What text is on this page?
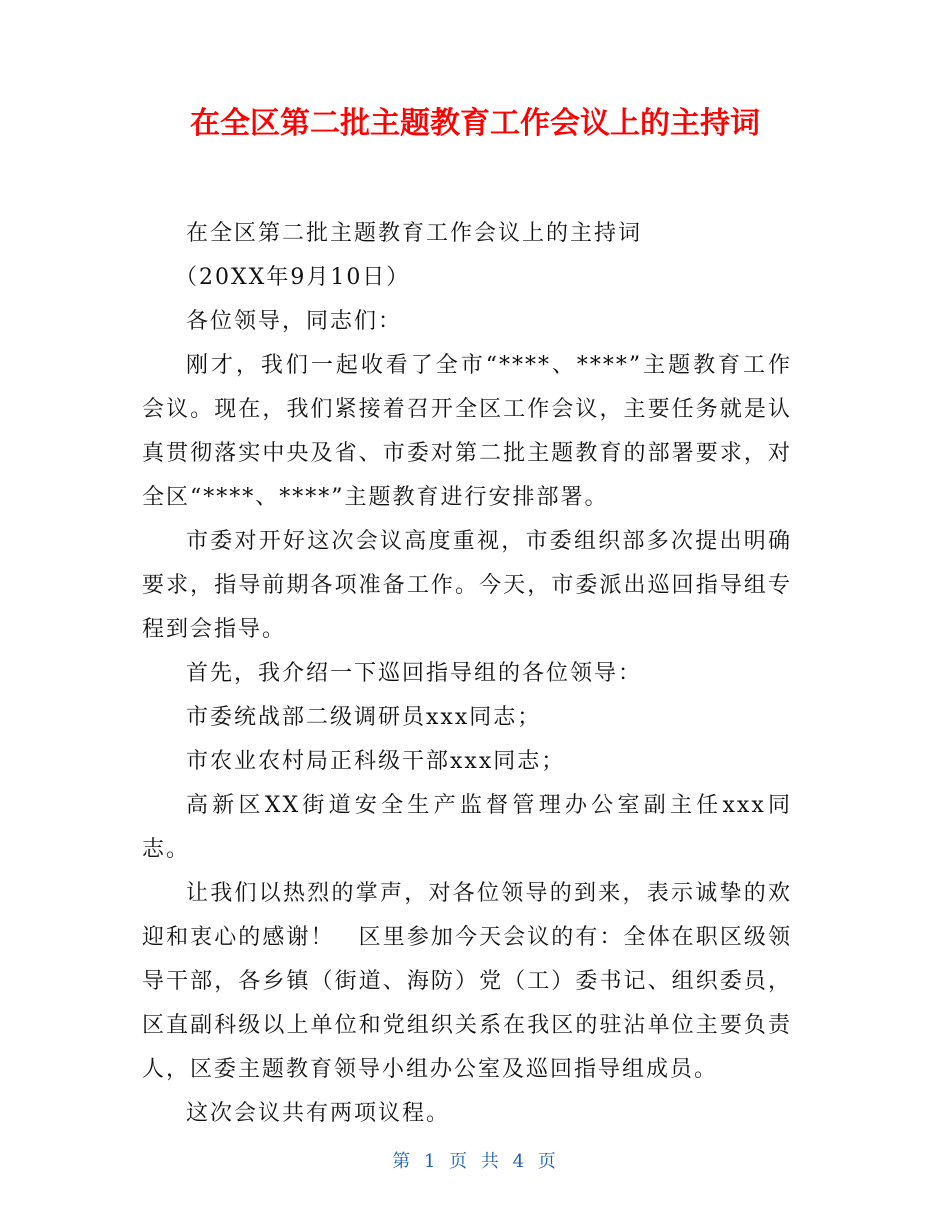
在全区第二批主题教育工作会议上的主持词

在全区第二批主题教育工作会议上的主持词

（20XX年9月10日）

各位领导，同志们：

刚才，我们一起收看了全市“****、****”主题教育工作会议。现在，我们紧接着召开全区工作会议，主要任务就是认真贯彻落实中央及省、市委对第二批主题教育的部署要求，对全区“****、****”主题教育进行安排部署。

市委对开好这次会议高度重视，市委组织部多次提出明确要求，指导前期各项准备工作。今天，市委派出巡回指导组专程到会指导。

首先，我介绍一下巡回指导组的各位领导：

市委统战部二级调研员xxx同志；

市农业农村局正科级干部xxx同志；

高新区XX街道安全生产监督管理办公室副主任xxx同志。

让我们以热烈的掌声，对各位领导的到来，表示诚挚的欢迎和衷心的感谢！　区里参加今天会议的有：全体在职区级领导干部，各乡镇（街道、海防）党（工）委书记、组织委员，区直副科级以上单位和党组织关系在我区的驻沾单位主要负责人，区委主题教育领导小组办公室及巡回指导组成员。

这次会议共有两项议程。

第 1 页 共 4 页
